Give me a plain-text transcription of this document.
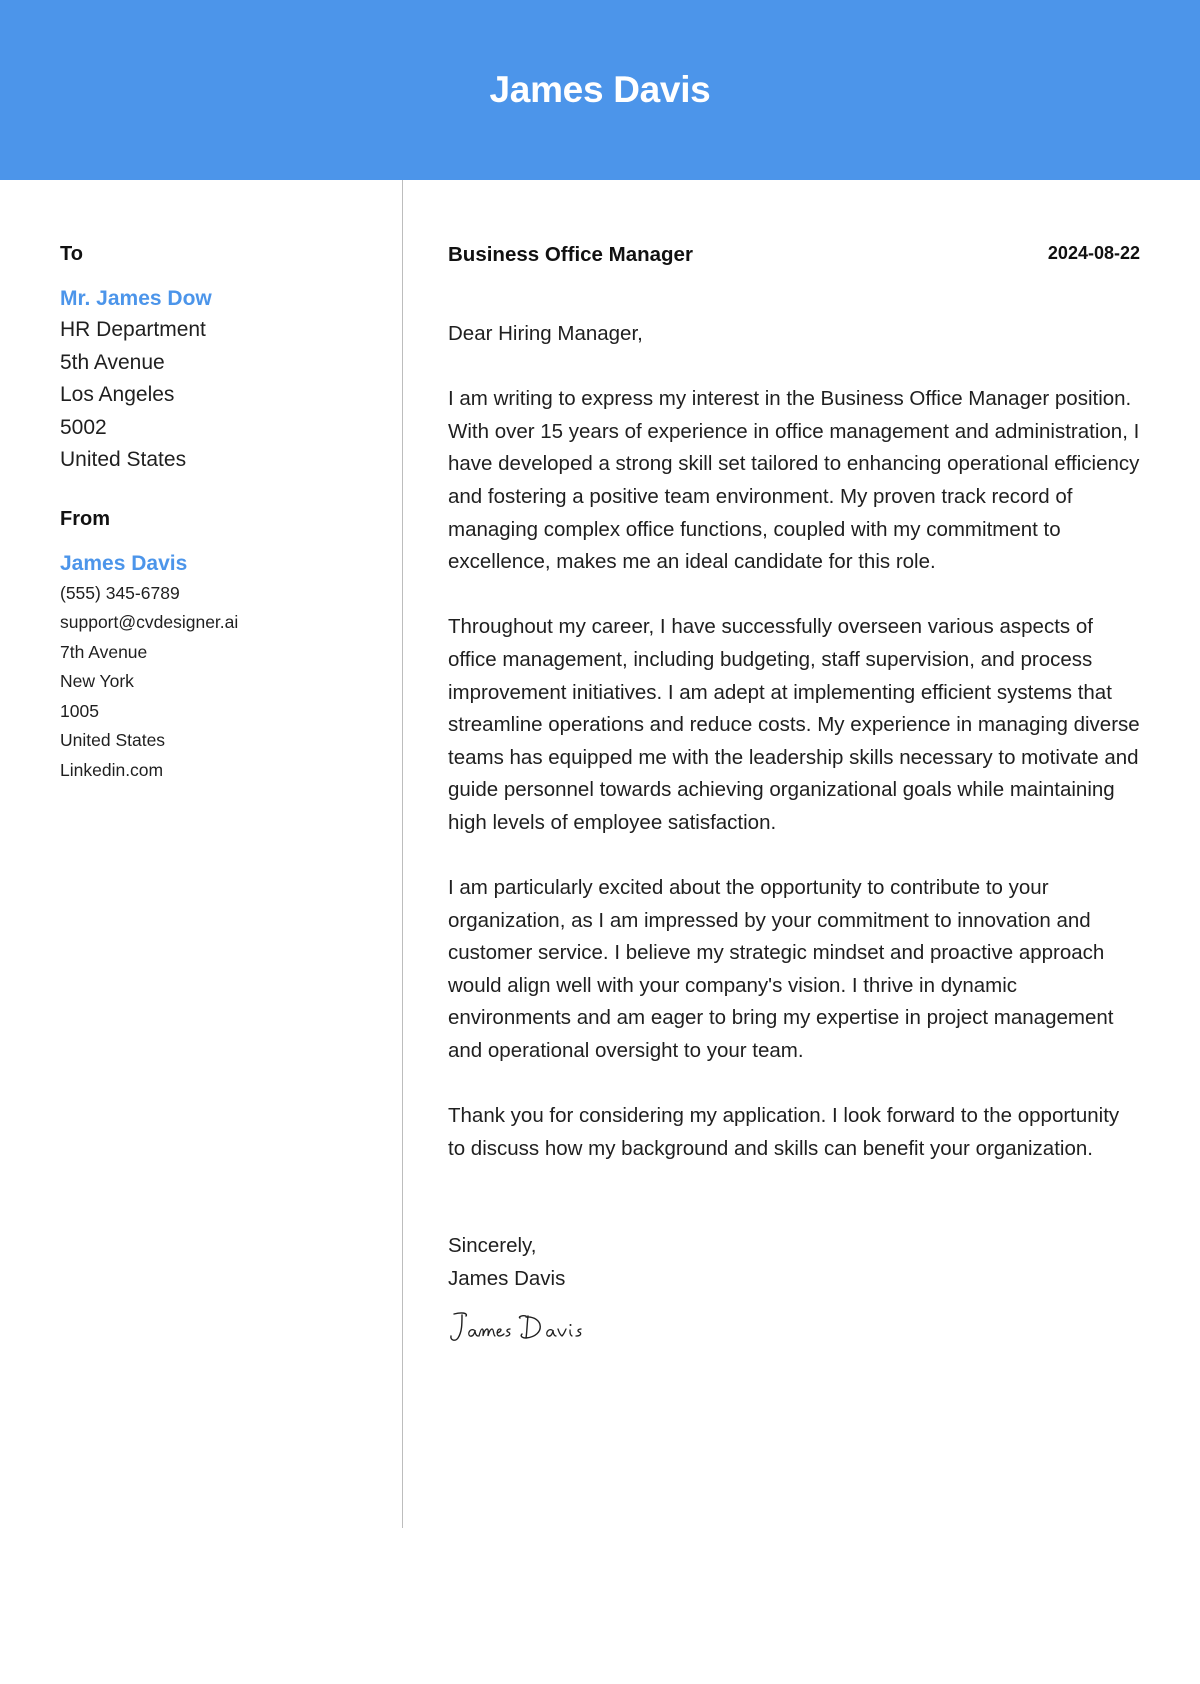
James Davis

To

Mr. James Dow
HR Department
5th Avenue
Los Angeles
5002
United States

From

James Davis
(555) 345-6789
support@cvdesigner.ai
7th Avenue
New York
1005
United States
Linkedin.com
Business Office Manager	2024-08-22

Dear Hiring Manager,

I am writing to express my interest in the Business Office Manager position. With over 15 years of experience in office management and administration, I have developed a strong skill set tailored to enhancing operational efficiency and fostering a positive team environment. My proven track record of managing complex office functions, coupled with my commitment to excellence, makes me an ideal candidate for this role.

Throughout my career, I have successfully overseen various aspects of office management, including budgeting, staff supervision, and process improvement initiatives. I am adept at implementing efficient systems that streamline operations and reduce costs. My experience in managing diverse teams has equipped me with the leadership skills necessary to motivate and guide personnel towards achieving organizational goals while maintaining high levels of employee satisfaction.

I am particularly excited about the opportunity to contribute to your organization, as I am impressed by your commitment to innovation and customer service. I believe my strategic mindset and proactive approach would align well with your company's vision. I thrive in dynamic environments and am eager to bring my expertise in project management and operational oversight to your team.

Thank you for considering my application. I look forward to the opportunity to discuss how my background and skills can benefit your organization.

Sincerely,
James Davis
